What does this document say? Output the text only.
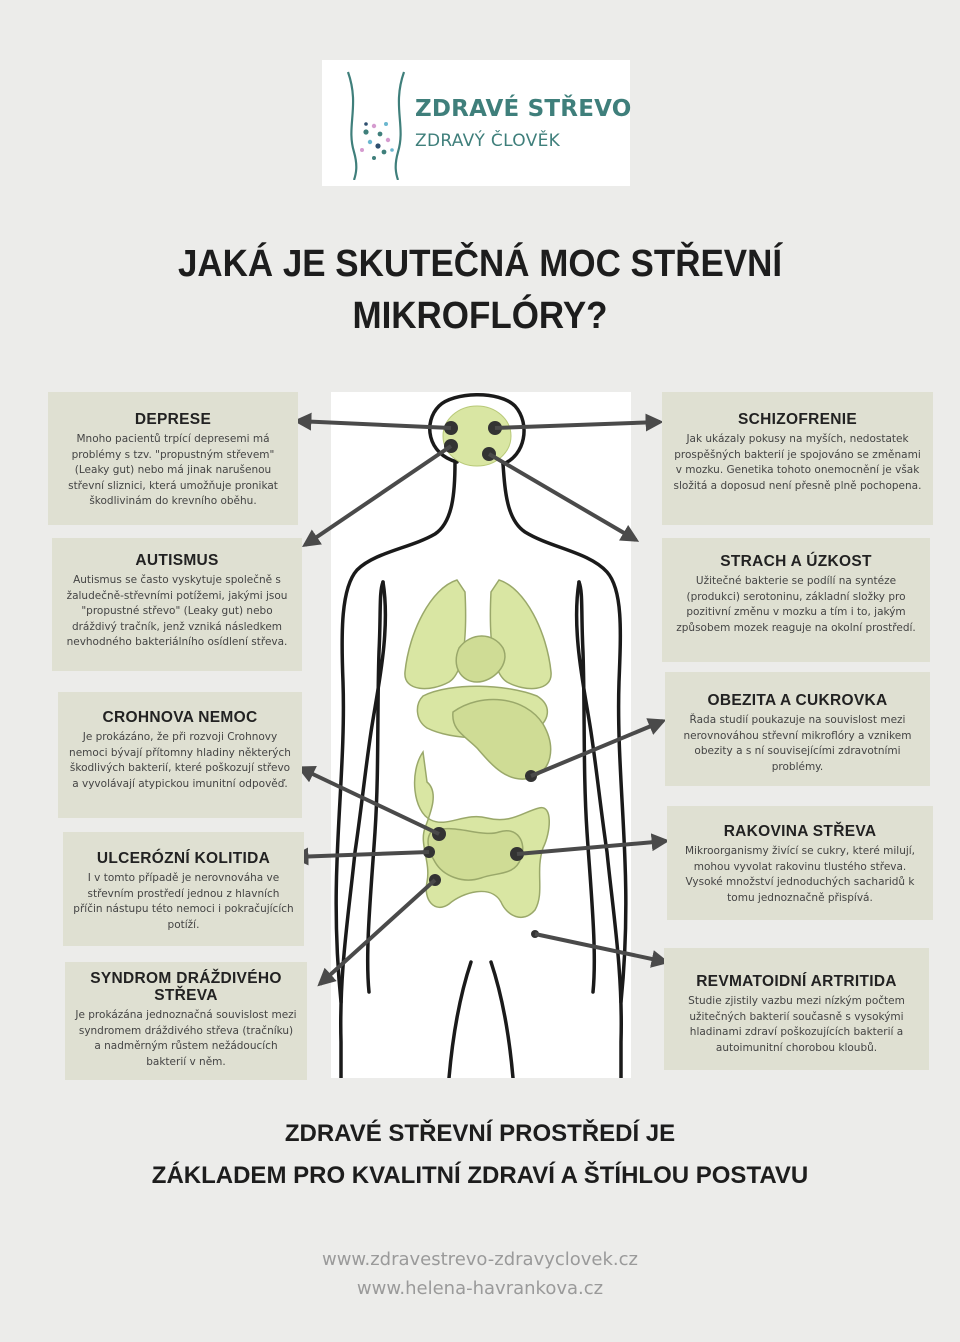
ZDRAVÉ STŘEVO
ZDRAVÝ ČLOVĚK
JAKÁ JE SKUTEČNÁ MOC STŘEVNÍ
MIKROFLÓRY?
DEPRESE

Mnoho pacientů trpící depresemi má problémy s tzv. "propustným střevem" (Leaky gut) nebo má jinak narušenou střevní sliznici, která umožňuje pronikat škodlivinám do krevního oběhu.

AUTISMUS

Autismus se často vyskytuje společně s žaludečně-střevními potížemi, jakými jsou "propustné střevo" (Leaky gut) nebo dráždivý tračník, jenž vzniká následkem nevhodného bakteriálního osídlení střeva.

CROHNOVA NEMOC

Je prokázáno, že při rozvoji Crohnovy nemoci bývají přítomny hladiny některých škodlivých bakterií, které poškozují střevo a vyvolávají atypickou imunitní odpověď.

ULCERÓZNÍ KOLITIDA

I v tomto případě je nerovnováha ve střevním prostředí jednou z hlavních příčin nástupu této nemoci i pokračujících potíží.

SYNDROM DRÁŽDIVÉHO STŘEVA

Je prokázána jednoznačná souvislost mezi syndromem dráždivého střeva (tračníku) a nadměrným růstem nežádoucích bakterií v něm.

SCHIZOFRENIE

Jak ukázaly pokusy na myších, nedostatek prospěšných bakterií je spojováno se změnami v mozku. Genetika tohoto onemocnění je však složitá a doposud není přesně plně pochopena.

STRACH A ÚZKOST

Užitečné bakterie se podílí na syntéze (produkci) serotoninu, základní složky pro pozitivní změnu v mozku a tím i to, jakým způsobem mozek reaguje na okolní prostředí.

OBEZITA A CUKROVKA

Řada studií poukazuje na souvislost mezi nerovnováhou střevní mikroflóry a vznikem obezity a s ní souvisejícími zdravotními problémy.

RAKOVINA STŘEVA

Mikroorganismy živící se cukry, které milují, mohou vyvolat rakovinu tlustého střeva. Vysoké množství jednoduchých sacharidů k tomu jednoznačně přispívá.

REVMATOIDNÍ ARTRITIDA

Studie zjistily vazbu mezi nízkým počtem užitečných bakterií současně s vysokými hladinami zdraví poškozujících bakterií a autoimunitní chorobou kloubů.

ZDRAVÉ STŘEVNÍ PROSTŘEDÍ JE
ZÁKLADEM PRO KVALITNÍ ZDRAVÍ A ŠTÍHLOU POSTAVU
www.zdravestrevo-zdravyclovek.cz
www.helena-havrankova.cz
